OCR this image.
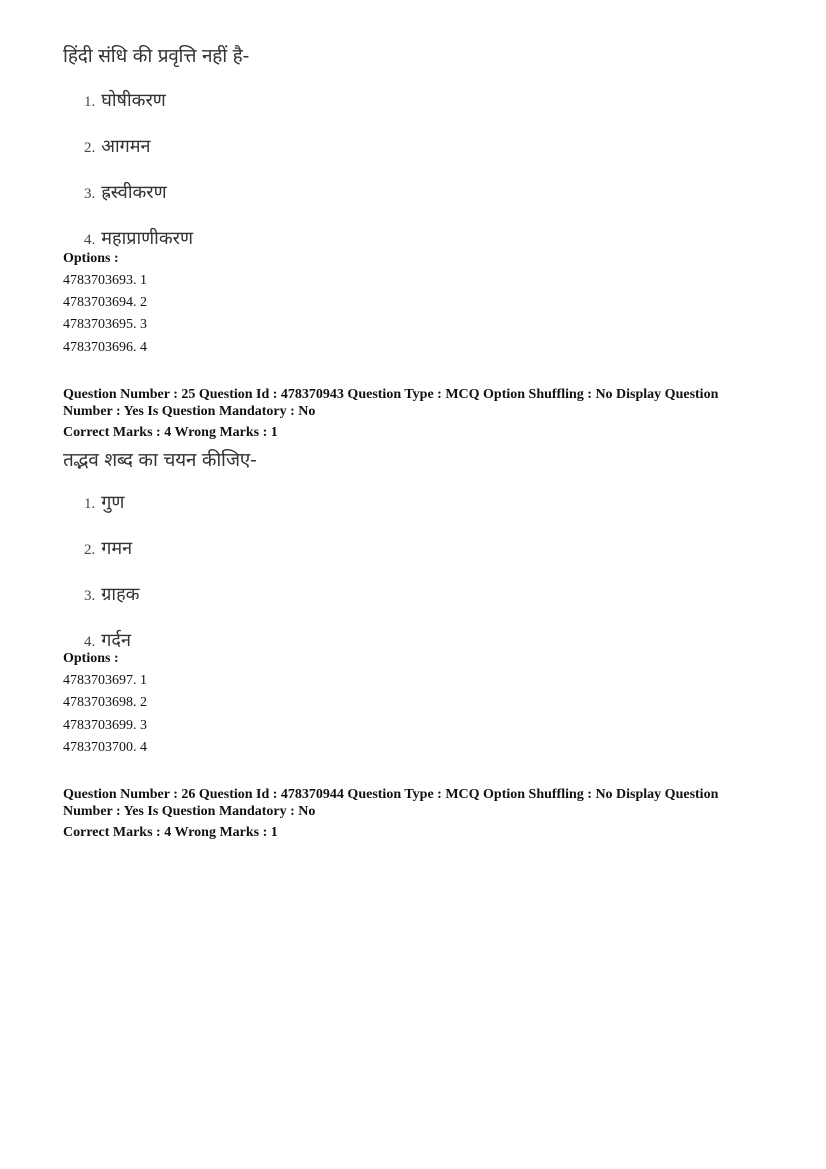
हिंदी संधि की प्रवृत्ति नहीं है-
1. घोषीकरण
2. आगमन
3. ह्रस्वीकरण
4. महाप्राणीकरण
Options :
4783703693. 1
4783703694. 2
4783703695. 3
4783703696. 4
Question Number : 25 Question Id : 478370943 Question Type : MCQ Option Shuffling : No Display Question
Number : Yes Is Question Mandatory : No
Correct Marks : 4 Wrong Marks : 1
तद्भव शब्द का चयन कीजिए-
1. गुण
2. गमन
3. ग्राहक
4. गर्दन
Options :
4783703697. 1
4783703698. 2
4783703699. 3
4783703700. 4
Question Number : 26 Question Id : 478370944 Question Type : MCQ Option Shuffling : No Display Question
Number : Yes Is Question Mandatory : No
Correct Marks : 4 Wrong Marks : 1
